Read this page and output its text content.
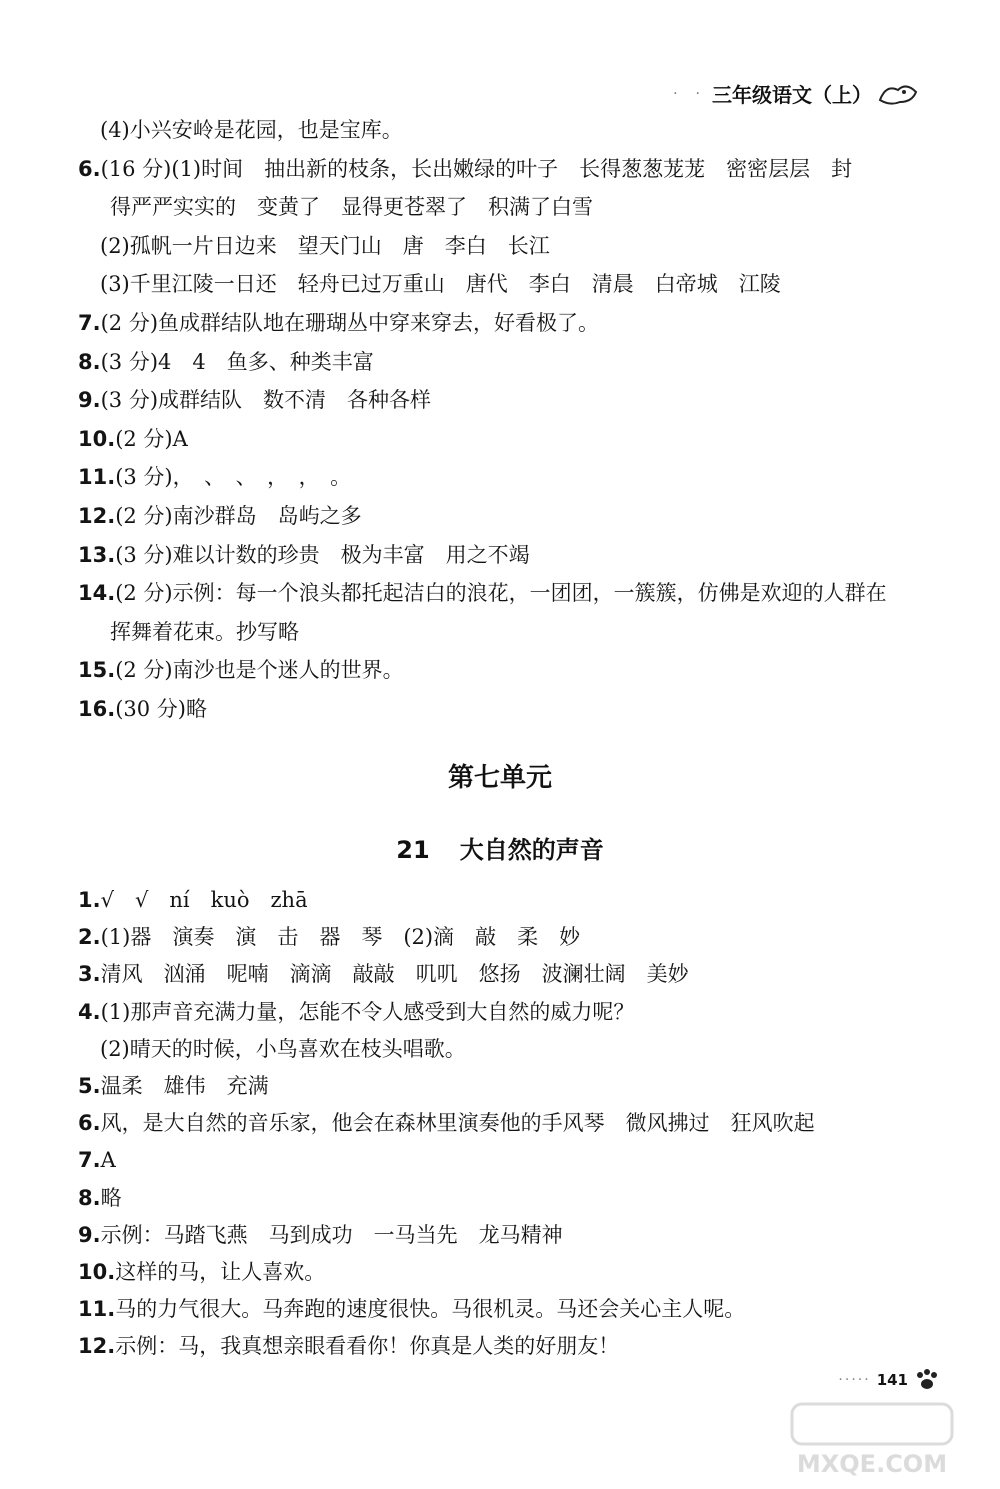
·　· 三年级语文（上）
(4)小兴安岭是花园，也是宝库。
6.(16 分)(1)时间　抽出新的枝条，长出嫩绿的叶子　长得葱葱茏茏　密密层层　封
得严严实实的　变黄了　显得更苍翠了　积满了白雪
(2)孤帆一片日边来　望天门山　唐　李白　长江
(3)千里江陵一日还　轻舟已过万重山　唐代　李白　清晨　白帝城　江陵
7.(2 分)鱼成群结队地在珊瑚丛中穿来穿去，好看极了。
8.(3 分)4　4　鱼多、种类丰富
9.(3 分)成群结队　数不清　各种各样
10.(2 分)A
11.(3 分)，　、　、　，　，　。
12.(2 分)南沙群岛　岛屿之多
13.(3 分)难以计数的珍贵　极为丰富　用之不竭
14.(2 分)示例：每一个浪头都托起洁白的浪花，一团团，一簇簇，仿佛是欢迎的人群在
挥舞着花束。抄写略
15.(2 分)南沙也是个迷人的世界。
16.(30 分)略
第七单元
21 大自然的声音
1.√　√　ní　kuò　zhā
2.(1)器　演奏　演　击　器　琴　(2)滴　敲　柔　妙
3.清风　汹涌　呢喃　滴滴　敲敲　叽叽　悠扬　波澜壮阔　美妙
4.(1)那声音充满力量，怎能不令人感受到大自然的威力呢？
(2)晴天的时候，小鸟喜欢在枝头唱歌。
5.温柔　雄伟　充满
6.风，是大自然的音乐家，他会在森林里演奏他的手风琴　微风拂过　狂风吹起
7.A
8.略
9.示例：马踏飞燕　马到成功　一马当先　龙马精神
10.这样的马，让人喜欢。
11.马的力气很大。马奔跑的速度很快。马很机灵。马还会关心主人呢。
12.示例：马，我真想亲眼看看你！你真是人类的好朋友！
····· 141
MXQE.COM
